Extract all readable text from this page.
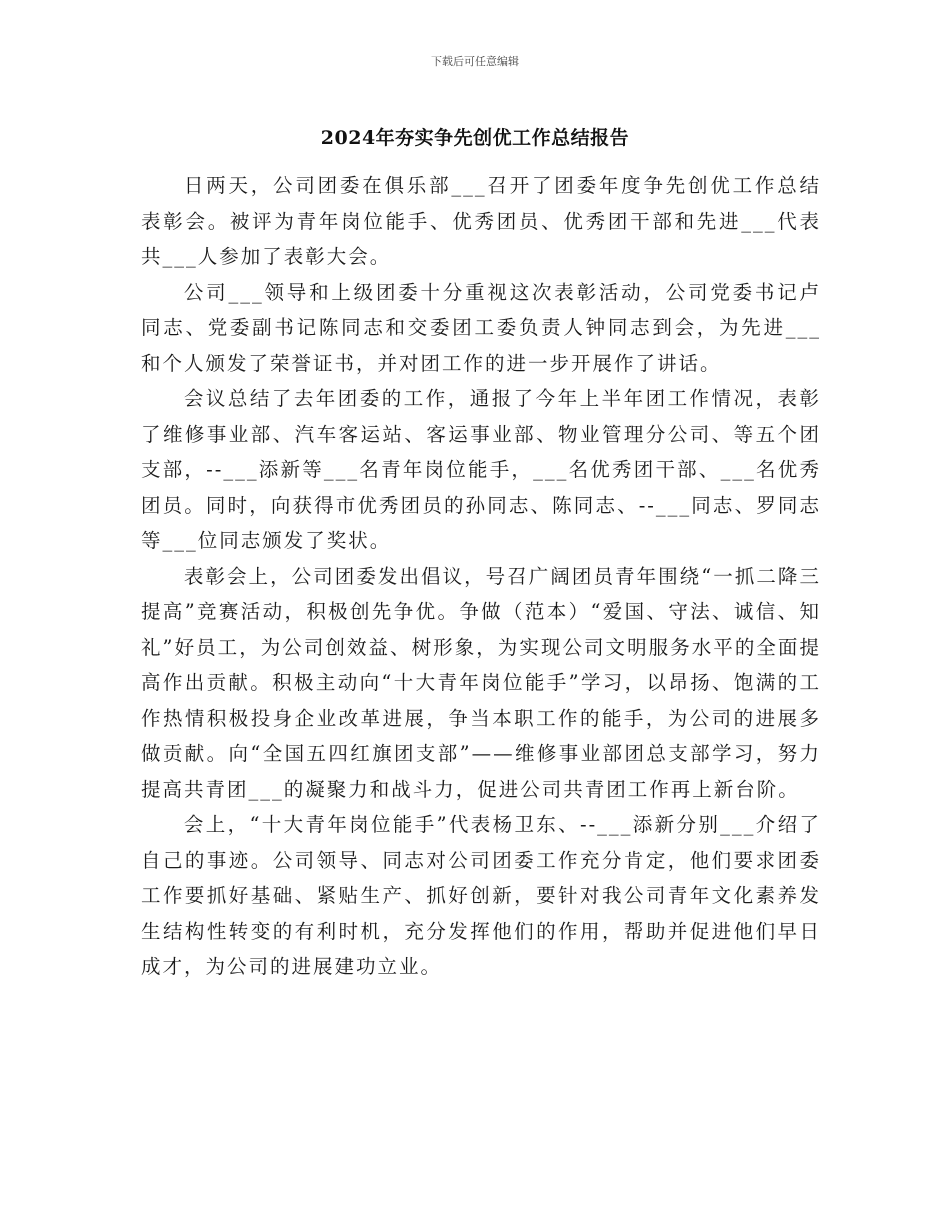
下载后可任意编辑
2024年夯实争先创优工作总结报告

日两天，公司团委在俱乐部___召开了团委年度争先创优工作总结表彰会。被评为青年岗位能手、优秀团员、优秀团干部和先进___代表共___人参加了表彰大会。

公司___领导和上级团委十分重视这次表彰活动，公司党委书记卢同志、党委副书记陈同志和交委团工委负责人钟同志到会，为先进___和个人颁发了荣誉证书，并对团工作的进一步开展作了讲话。

会议总结了去年团委的工作，通报了今年上半年团工作情况，表彰了维修事业部、汽车客运站、客运事业部、物业管理分公司、等五个团支部，--___添新等___名青年岗位能手，___名优秀团干部、___名优秀团员。同时，向获得市优秀团员的孙同志、陈同志、--___同志、罗同志等___位同志颁发了奖状。

表彰会上，公司团委发出倡议，号召广阔团员青年围绕“一抓二降三提高”竞赛活动，积极创先争优。争做（范本）“爱国、守法、诚信、知礼”好员工，为公司创效益、树形象，为实现公司文明服务水平的全面提高作出贡献。积极主动向“十大青年岗位能手”学习，以昂扬、饱满的工作热情积极投身企业改革进展，争当本职工作的能手，为公司的进展多做贡献。向“全国五四红旗团支部”——维修事业部团总支部学习，努力提高共青团___的凝聚力和战斗力，促进公司共青团工作再上新台阶。

会上，“十大青年岗位能手”代表杨卫东、--___添新分别___介绍了自己的事迹。公司领导、同志对公司团委工作充分肯定，他们要求团委工作要抓好基础、紧贴生产、抓好创新，要针对我公司青年文化素养发生结构性转变的有利时机，充分发挥他们的作用，帮助并促进他们早日成才，为公司的进展建功立业。
